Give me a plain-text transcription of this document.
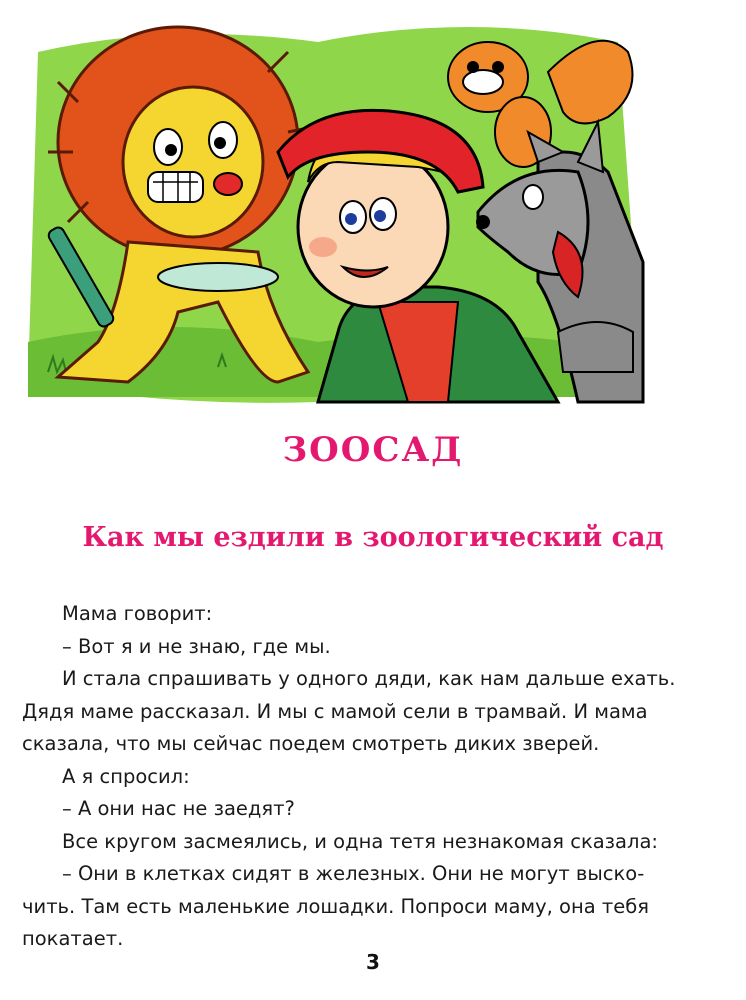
ЗООСАД
Как мы ездили в зоологический сад

Мама говорит:

– Вот я и не знаю, где мы.

И стала спрашивать у одного дяди, как нам дальше ехать.

Дядя маме рассказал. И мы с мамой сели в трамвай. И мама

сказала, что мы сейчас поедем смотреть диких зверей.

А я спросил:

– А они нас не заедят?

Все кругом засмеялись, и одна тетя незнакомая сказала:

– Они в клетках сидят в железных. Они не могут выско-

чить. Там есть маленькие лошадки. Попроси маму, она тебя

покатает.

3
